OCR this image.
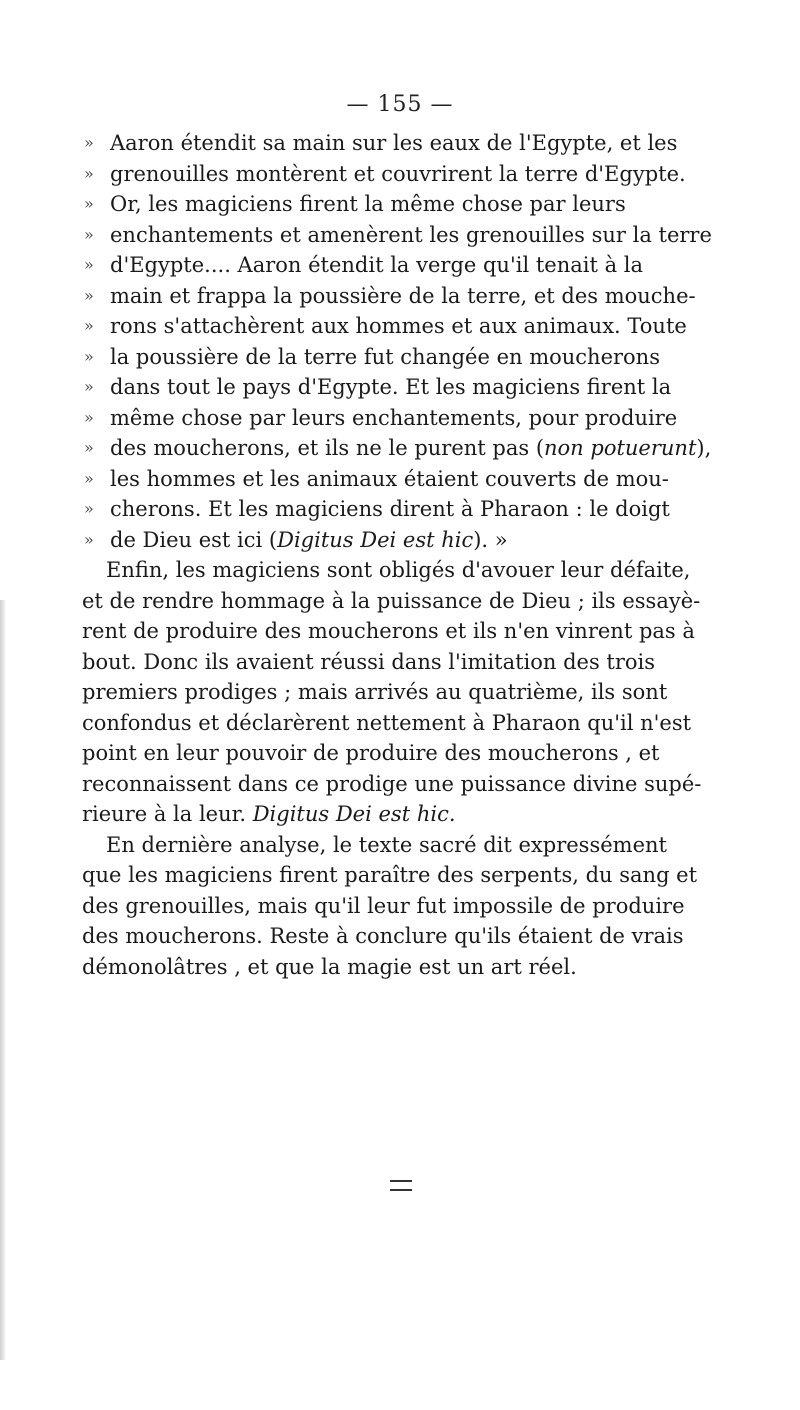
— 155 —
» Aaron étendit sa main sur les eaux de l'Egypte, et les
» grenouilles montèrent et couvrirent la terre d'Egypte.
» Or, les magiciens firent la même chose par leurs
» enchantements et amenèrent les grenouilles sur la terre
» d'Egypte.... Aaron étendit la verge qu'il tenait à la
» main et frappa la poussière de la terre, et des mouche-
» rons s'attachèrent aux hommes et aux animaux. Toute
» la poussière de la terre fut changée en moucherons
» dans tout le pays d'Egypte. Et les magiciens firent la
» même chose par leurs enchantements, pour produire
» des moucherons, et ils ne le purent pas (non potuerunt),
» les hommes et les animaux étaient couverts de mou-
» cherons. Et les magiciens dirent à Pharaon : le doigt
» de Dieu est ici (Digitus Dei est hic). »
Enfin, les magiciens sont obligés d'avouer leur défaite,
et de rendre hommage à la puissance de Dieu ; ils essayè-
rent de produire des moucherons et ils n'en vinrent pas à
bout. Donc ils avaient réussi dans l'imitation des trois
premiers prodiges ; mais arrivés au quatrième, ils sont
confondus et déclarèrent nettement à Pharaon qu'il n'est
point en leur pouvoir de produire des moucherons , et
reconnaissent dans ce prodige une puissance divine supé-
rieure à la leur. Digitus Dei est hic.
En dernière analyse, le texte sacré dit expressément
que les magiciens firent paraître des serpents, du sang et
des grenouilles, mais qu'il leur fut impossile de produire
des moucherons. Reste à conclure qu'ils étaient de vrais
démonolâtres , et que la magie est un art réel.
